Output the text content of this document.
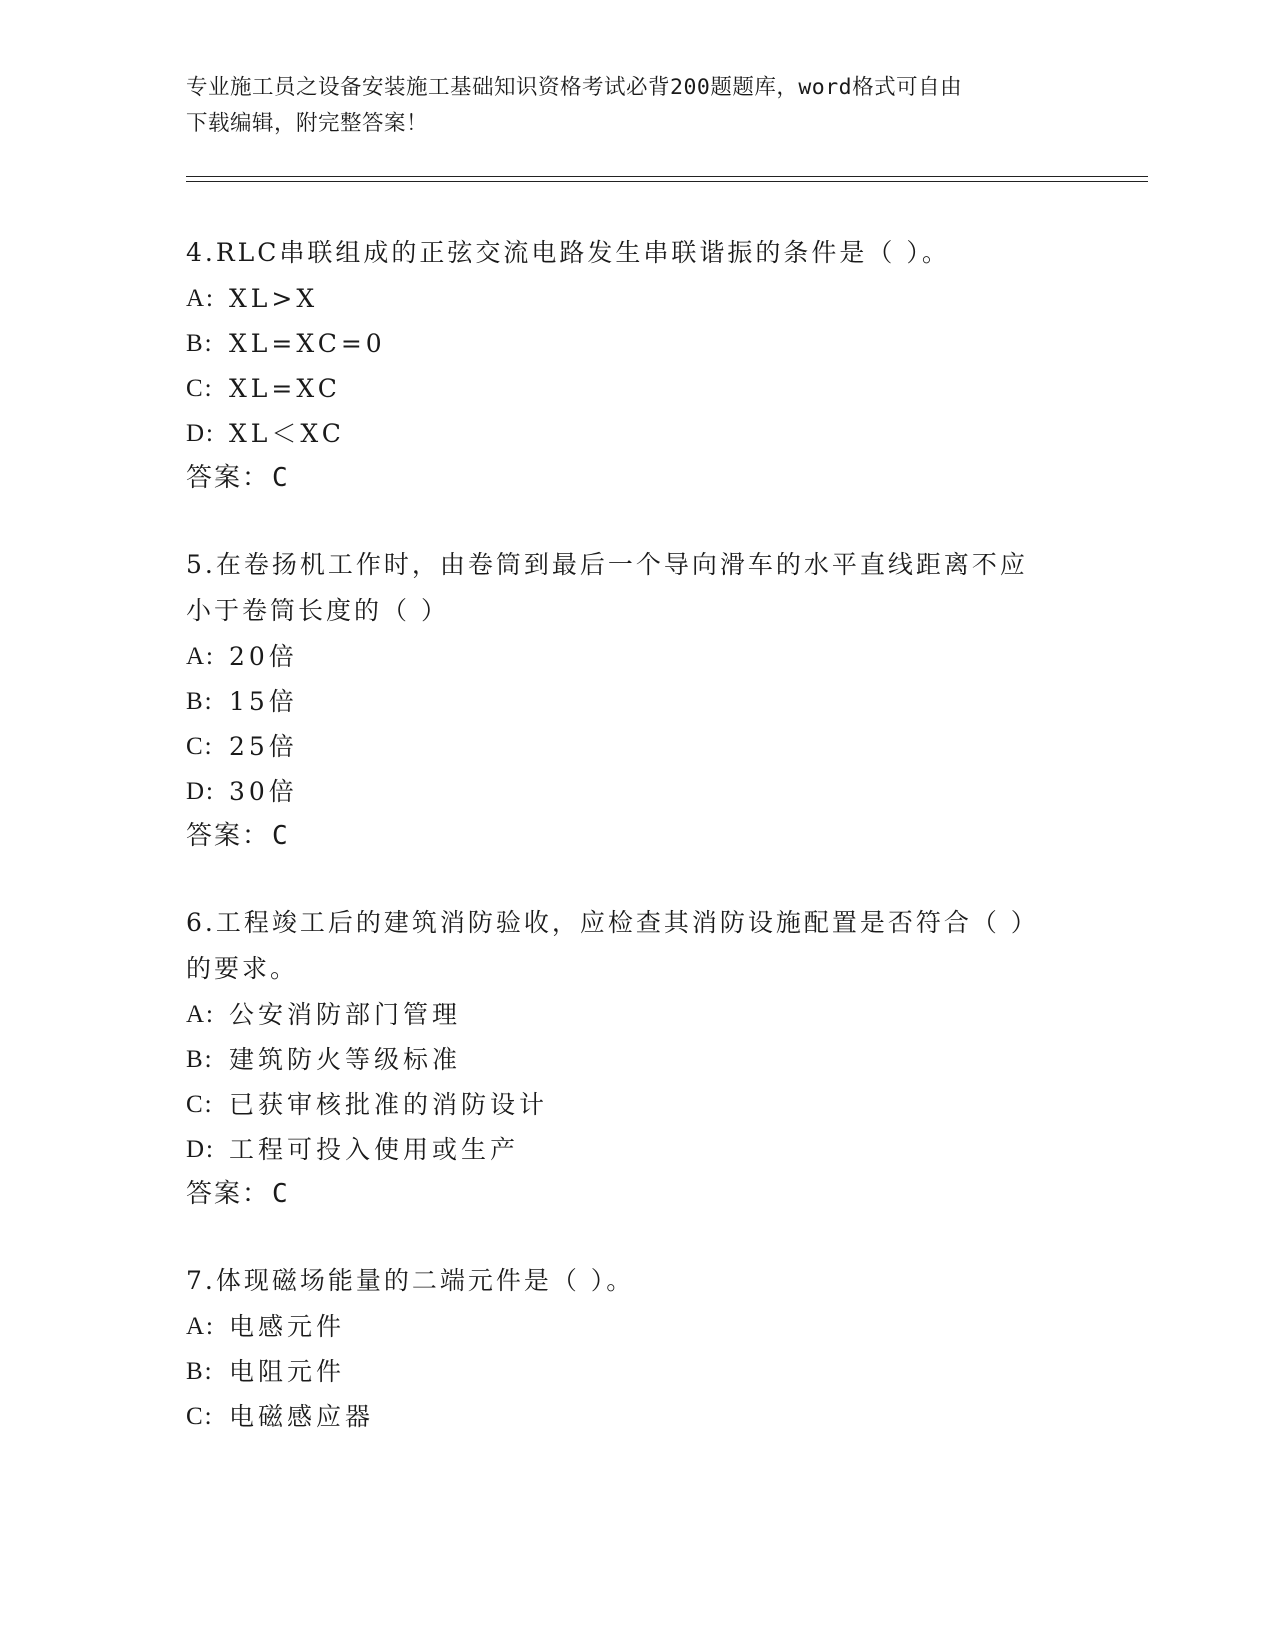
专业施工员之设备安装施工基础知识资格考试必背200题题库，word格式可自由
下载编辑，附完整答案！
4.RLC串联组成的正弦交流电路发生串联谐振的条件是（ ）。
A: XL>X
B: XL=XC=0
C: XL=XC
D: XL＜XC
答案： C
5.在卷扬机工作时，由卷筒到最后一个导向滑车的水平直线距离不应
小于卷筒长度的（ ）
A: 20倍
B: 15倍
C: 25倍
D: 30倍
答案： C
6.工程竣工后的建筑消防验收，应检查其消防设施配置是否符合（ ）
的要求。
A: 公安消防部门管理
B: 建筑防火等级标准
C: 已获审核批准的消防设计
D: 工程可投入使用或生产
答案： C
7.体现磁场能量的二端元件是（ ）。
A: 电感元件
B: 电阻元件
C: 电磁感应器
